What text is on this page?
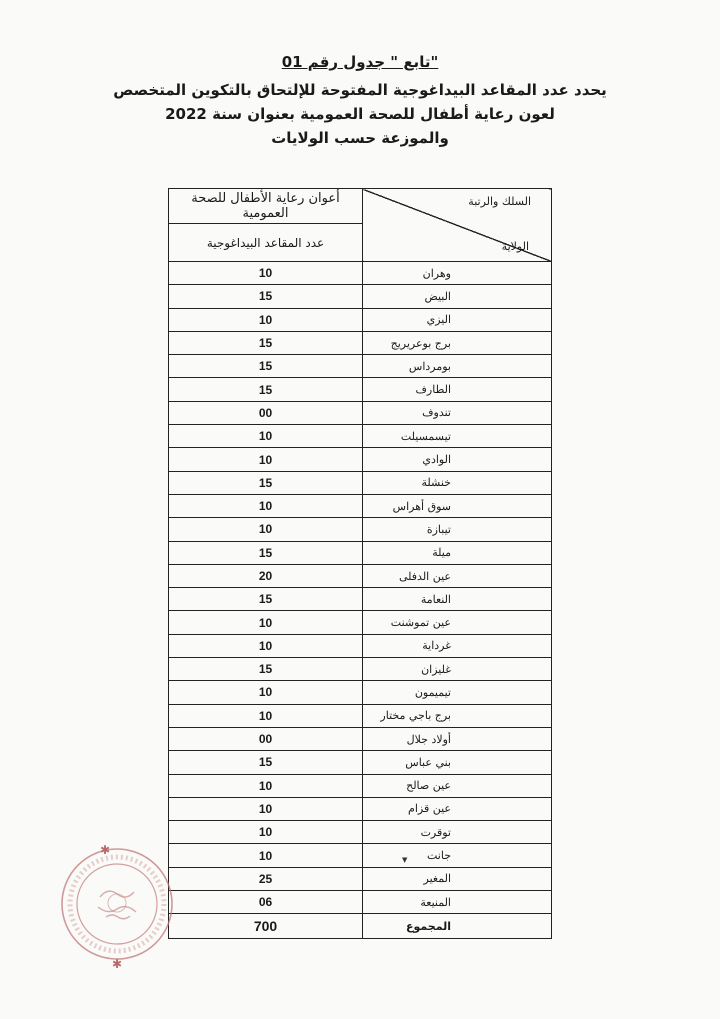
"تابع " جدول رقم 01
يحدد عدد المقاعد البيداغوجية المفتوحة للإلتحاق بالتكوين المتخصص
لعون رعاية أطفال للصحة العمومية بعنوان سنة 2022
والموزعة حسب الولايات
السلك والرتبة
الولاية	أعوان رعاية الأطفال للصحة العمومية
	عدد المقاعد البيداغوجية
وهران	10
البيض	15
اليزي	10
برج بوعريريج	15
بومرداس	15
الطارف	15
تندوف	00
تيسمسيلت	10
الوادي	10
خنشلة	15
سوق أهراس	10
تيبازة	10
ميلة	15
عين الدفلى	20
النعامة	15
عين تموشنت	10
غرداية	10
غليزان	15
تيميمون	10
برج باجي مختار	10
أولاد جلال	00
بني عباس	15
عين صالح	10
عين قزام	10
توقرت	10
جانت	10
المغير	25
المنيعة	06
المجموع	700
✱
✱
▼
